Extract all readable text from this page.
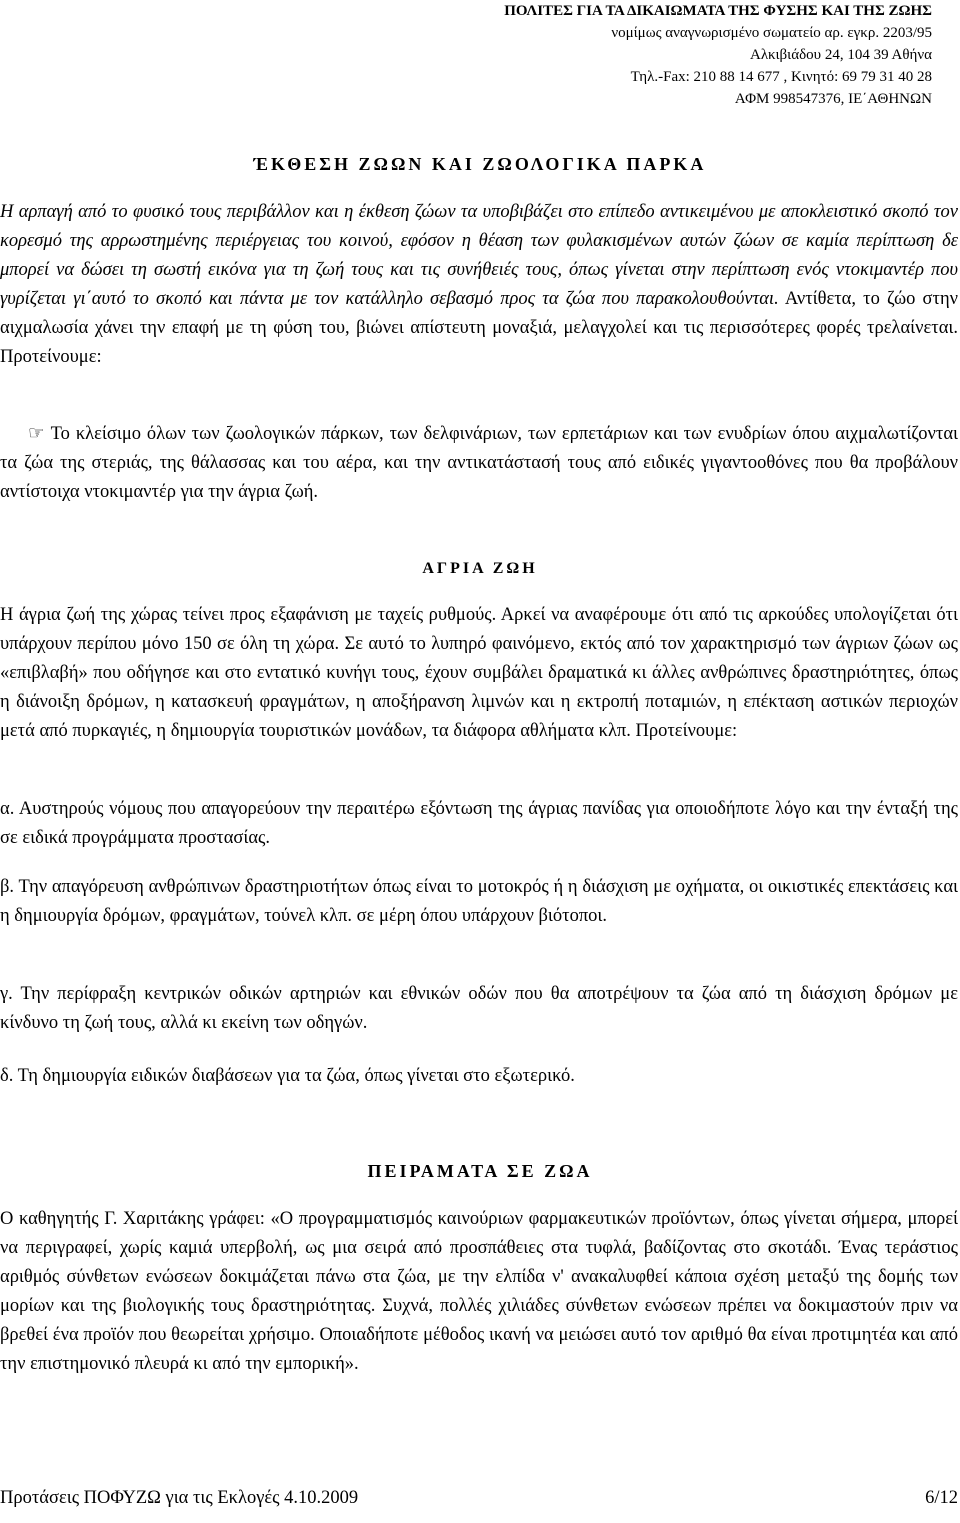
ΠΟΛΙΤΕΣ ΓΙΑ ΤΑ ΔΙΚΑΙΩΜΑΤΑ ΤΗΣ ΦΥΣΗΣ ΚΑΙ ΤΗΣ ΖΩΗΣ
νομίμως αναγνωρισμένο σωματείο αρ. εγκρ. 2203/95
Αλκιβιάδου 24, 104 39 Αθήνα
Τηλ.-Fax: 210 88 14 677 , Κινητό: 69 79 31 40 28
ΑΦΜ 998547376, ΙΕ΄ΑΘΗΝΩΝ
ΈΚΘΕΣΗ ΖΩΩΝ ΚΑΙ ΖΩΟΛΟΓΙΚΑ ΠΑΡΚΑ

Η αρπαγή από το φυσικό τους περιβάλλον και η έκθεση ζώων τα υποβιβάζει στο επίπεδο αντικειμένου με αποκλειστικό σκοπό τον κορεσμό της αρρωστημένης περιέργειας του κοινού, εφόσον η θέαση των φυλακισμένων αυτών ζώων σε καμία περίπτωση δε μπορεί να δώσει τη σωστή εικόνα για τη ζωή τους και τις συνήθειές τους, όπως γίνεται στην περίπτωση ενός ντοκιμαντέρ που γυρίζεται γι΄αυτό το σκοπό και πάντα με τον κατάλληλο σεβασμό προς τα ζώα που παρακολουθούνται. Αντίθετα, το ζώο στην αιχμαλωσία χάνει την επαφή με τη φύση του, βιώνει απίστευτη μοναξιά, μελαγχολεί και τις περισσότερες φορές τρελαίνεται. Προτείνουμε:

☞ Το κλείσιμο όλων των ζωολογικών πάρκων, των δελφινάριων, των ερπετάριων και των ενυδρίων όπου αιχμαλωτίζονται τα ζώα της στεριάς, της θάλασσας και του αέρα, και την αντικατάστασή τους από ειδικές γιγαντοοθόνες που θα προβάλουν αντίστοιχα ντοκιμαντέρ για την άγρια ζωή.

ΑΓΡΙΑ ΖΩΗ

Η άγρια ζωή της χώρας τείνει προς εξαφάνιση με ταχείς ρυθμούς. Αρκεί να αναφέρουμε ότι από τις αρκούδες υπολογίζεται ότι υπάρχουν περίπου μόνο 150 σε όλη τη χώρα. Σε αυτό το λυπηρό φαινόμενο, εκτός από τον χαρακτηρισμό των άγριων ζώων ως «επιβλαβή» που οδήγησε και στο εντατικό κυνήγι τους, έχουν συμβάλει δραματικά κι άλλες ανθρώπινες δραστηριότητες, όπως η διάνοιξη δρόμων, η κατασκευή φραγμάτων, η αποξήρανση λιμνών και η εκτροπή ποταμιών, η επέκταση αστικών περιοχών μετά από πυρκαγιές, η δημιουργία τουριστικών μονάδων, τα διάφορα αθλήματα κλπ. Προτείνουμε:

α. Αυστηρούς νόμους που απαγορεύουν την περαιτέρω εξόντωση της άγριας πανίδας για οποιοδήποτε λόγο και την ένταξή της σε ειδικά προγράμματα προστασίας.

β. Την απαγόρευση ανθρώπινων δραστηριοτήτων όπως είναι το μοτοκρός ή η διάσχιση με οχήματα, οι οικιστικές επεκτάσεις και η δημιουργία δρόμων, φραγμάτων, τούνελ κλπ. σε μέρη όπου υπάρχουν βιότοποι.

γ. Την περίφραξη κεντρικών οδικών αρτηριών και εθνικών οδών που θα αποτρέψουν τα ζώα από τη διάσχιση δρόμων με κίνδυνο τη ζωή τους, αλλά κι εκείνη των οδηγών.

δ. Τη δημιουργία ειδικών διαβάσεων για τα ζώα, όπως γίνεται στο εξωτερικό.

ΠΕΙΡΑΜΑΤΑ ΣΕ ΖΩΑ

Ο καθηγητής Γ. Χαριτάκης γράφει: «Ο προγραμματισμός καινούριων φαρμακευτικών προϊόντων, όπως γίνεται σήμερα, μπορεί να περιγραφεί, χωρίς καμιά υπερβολή, ως μια σειρά από προσπάθειες στα τυφλά, βαδίζοντας στο σκοτάδι. Ένας τεράστιος αριθμός σύνθετων ενώσεων δοκιμάζεται πάνω στα ζώα, με την ελπίδα ν' ανακαλυφθεί κάποια σχέση μεταξύ της δομής των μορίων και της βιολογικής τους δραστηριότητας. Συχνά, πολλές χιλιάδες σύνθετων ενώσεων πρέπει να δοκιμαστούν πριν να βρεθεί ένα προϊόν που θεωρείται χρήσιμο. Οποιαδήποτε μέθοδος ικανή να μειώσει αυτό τον αριθμό θα είναι προτιμητέα και από την επιστημονικό πλευρά κι από την εμπορική».

Προτάσεις ΠΟΦΥΖΩ για τις Εκλογές 4.10.2009	6/12
